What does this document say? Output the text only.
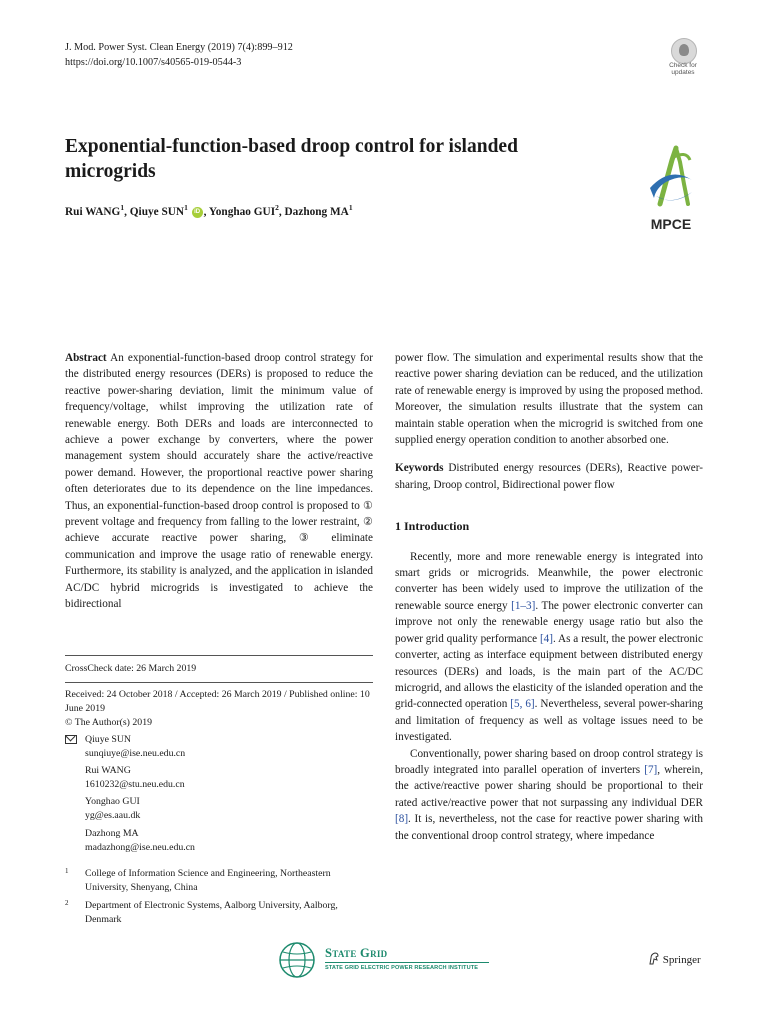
J. Mod. Power Syst. Clean Energy (2019) 7(4):899–912
https://doi.org/10.1007/s40565-019-0544-3	Check for updates
Exponential-function-based droop control for islanded microgrids
Rui WANG$^1$, Qiuye SUN$^1$ iD , Yonghao GUI$^2$, Dazhong $MA^1$
MPCE

Abstract An exponential-function-based droop control strategy for the distributed energy resources (DERs) is proposed to reduce the reactive power-sharing deviation, limit the minimum value of frequency/voltage, whilst improving the utilization rate of renewable energy. Both DERs and loads are interconnected to achieve a power exchange by converters, where the power management system should accurately share the active/reactive power demand. However, the proportional reactive power sharing often deteriorates due to its dependence on the line impedances. Thus, an exponential-function-based droop control is proposed to ① prevent voltage and frequency from falling to the lower restraint, ② achieve accurate reactive power sharing, ③ eliminate communication and improve the usage ratio of renewable energy. Furthermore, its stability is analyzed, and the application in islanded AC/DC hybrid microgrids is investigated to achieve the bidirectional

power flow. The simulation and experimental results show that the reactive power sharing deviation can be reduced, and the utilization rate of renewable energy is improved by using the proposed method. Moreover, the simulation results illustrate that the system can maintain stable operation when the microgrid is switched from one supplied energy operation condition to another absorbed one.

Keywords Distributed energy resources (DERs), Reactive power-sharing, Droop control, Bidirectional power flow

1 Introduction

Recently, more and more renewable energy is integrated into smart grids or microgrids. Meanwhile, the power electronic converter has been widely used to improve the utilization of the renewable source energy [1–3]. The power electronic converter can improve not only the renewable energy usage ratio but also the power grid quality performance [4]. As a result, the power electronic converter, acting as interface equipment between distributed energy resources (DERs) and loads, is the main part of the AC/DC microgrid, and allows the elasticity of the islanded operation and the grid-connected operation [5, 6]. Nevertheless, several power-sharing and limitation of frequency as well as voltage issues need to be investigated.

Conventionally, power sharing based on droop control strategy is broadly integrated into parallel operation of inverters [7], wherein, the active/reactive power sharing should be proportional to their rated active/reactive power that not surpassing any individual DER [8]. It is, nevertheless, not the case for reactive power sharing with the conventional droop control strategy, where impedance

CrossCheck date: 26 March 2019

Received: 24 October 2018 / Accepted: 26 March 2019 / Published online: 10 June 2019

© The Author(s) 2019

Qiuye SUN
sunqiuye@ise.neu.edu.cn
Rui WANG
1610232@stu.neu.edu.cn
Yonghao GUI
yg@es.aau.dk
Dazhong MA
madazhong@ise.neu.edu.cn
1 College of Information Science and Engineering, Northeastern University, Shenyang, China
2 Department of Electronic Systems, Aalborg University, Aalborg, Denmark
State Grid
STATE GRID ELECTRIC POWER RESEARCH INSTITUTE
Springer
